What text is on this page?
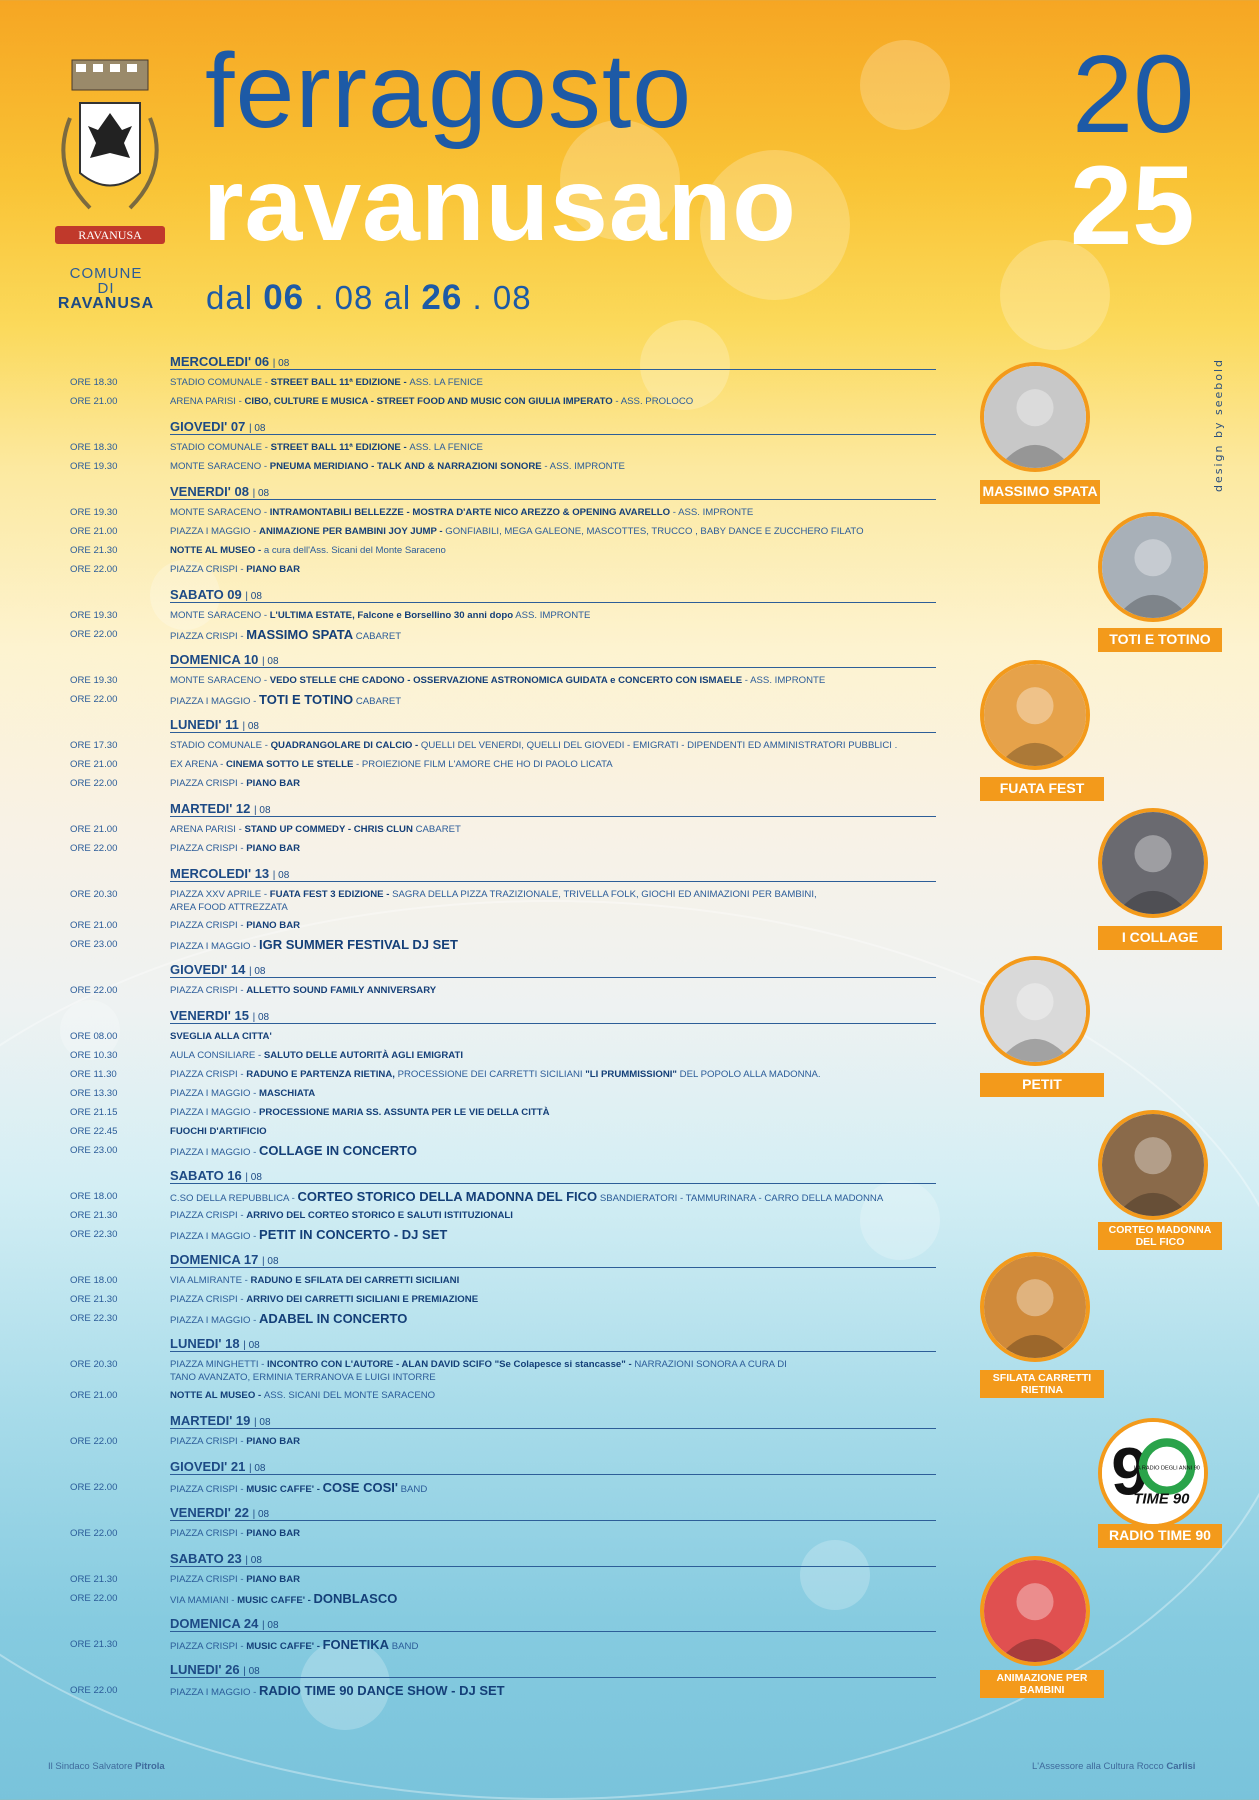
RAVANUSA
COMUNE
DI
RAVANUSA
ferragosto
ravanusano
dal 06 . 08 al 26 . 08
20
25
design by seebold
MERCOLEDI' 06 | 08
ORE 18.30	STADIO COMUNALE - STREET BALL 11ª EDIZIONE - ASS. LA FENICE
ORE 21.00	ARENA PARISI - CIBO, CULTURE E MUSICA - STREET FOOD AND MUSIC CON GIULIA IMPERATO - ASS. PROLOCO
GIOVEDI' 07 | 08
ORE 18.30	STADIO COMUNALE - STREET BALL 11ª EDIZIONE - ASS. LA FENICE
ORE 19.30	MONTE SARACENO - PNEUMA MERIDIANO - TALK AND & NARRAZIONI SONORE - ASS. IMPRONTE
VENERDI' 08 | 08
ORE 19.30	MONTE SARACENO - INTRAMONTABILI BELLEZZE - MOSTRA D'ARTE NICO AREZZO & OPENING AVARELLO - ASS. IMPRONTE
ORE 21.00	PIAZZA I MAGGIO - ANIMAZIONE PER BAMBINI JOY JUMP - GONFIABILI, MEGA GALEONE, MASCOTTES, TRUCCO , BABY DANCE E ZUCCHERO FILATO
ORE 21.30	NOTTE AL MUSEO - a cura dell'Ass. Sicani del Monte Saraceno
ORE 22.00	PIAZZA CRISPI - PIANO BAR
SABATO 09 | 08
ORE 19.30	MONTE SARACENO - L'ULTIMA ESTATE, Falcone e Borsellino 30 anni dopo ASS. IMPRONTE
ORE 22.00	PIAZZA CRISPI - MASSIMO SPATA CABARET
DOMENICA 10 | 08
ORE 19.30	MONTE SARACENO - VEDO STELLE CHE CADONO - OSSERVAZIONE ASTRONOMICA GUIDATA e CONCERTO CON ISMAELE - ASS. IMPRONTE
ORE 22.00	PIAZZA I MAGGIO - TOTI E TOTINO CABARET
LUNEDI' 11 | 08
ORE 17.30	STADIO COMUNALE - QUADRANGOLARE DI CALCIO - QUELLI DEL VENERDI, QUELLI DEL GIOVEDI - EMIGRATI - DIPENDENTI ED AMMINISTRATORI PUBBLICI .
ORE 21.00	EX ARENA - CINEMA SOTTO LE STELLE - PROIEZIONE FILM L'AMORE CHE HO DI PAOLO LICATA
ORE 22.00	PIAZZA CRISPI - PIANO BAR
MARTEDI' 12 | 08
ORE 21.00	ARENA PARISI - STAND UP COMMEDY - CHRIS CLUN CABARET
ORE 22.00	PIAZZA CRISPI - PIANO BAR
MERCOLEDI' 13 | 08
ORE 20.30	PIAZZA XXV APRILE - FUATA FEST 3 EDIZIONE - SAGRA DELLA PIZZA TRAZIZIONALE, TRIVELLA FOLK, GIOCHI ED ANIMAZIONI PER BAMBINI,
AREA FOOD ATTREZZATA
ORE 21.00	PIAZZA CRISPI - PIANO BAR
ORE 23.00	PIAZZA I MAGGIO - IGR SUMMER FESTIVAL DJ SET
GIOVEDI' 14 | 08
ORE 22.00	PIAZZA CRISPI - ALLETTO SOUND FAMILY ANNIVERSARY
VENERDI' 15 | 08
ORE 08.00	SVEGLIA ALLA CITTA'
ORE 10.30	AULA CONSILIARE - SALUTO DELLE AUTORITÀ AGLI EMIGRATI
ORE 11.30	PIAZZA CRISPI - RADUNO E PARTENZA RIETINA, PROCESSIONE DEI CARRETTI SICILIANI "LI PRUMMISSIONI" DEL POPOLO ALLA MADONNA.
ORE 13.30	PIAZZA I MAGGIO - MASCHIATA
ORE 21.15	PIAZZA I MAGGIO - PROCESSIONE MARIA SS. ASSUNTA PER LE VIE DELLA CITTÀ
ORE 22.45	FUOCHI D'ARTIFICIO
ORE 23.00	PIAZZA I MAGGIO - COLLAGE IN CONCERTO
SABATO 16 | 08
ORE 18.00	C.SO DELLA REPUBBLICA - CORTEO STORICO DELLA MADONNA DEL FICO SBANDIERATORI - TAMMURINARA - CARRO DELLA MADONNA
ORE 21.30	PIAZZA CRISPI - ARRIVO DEL CORTEO STORICO E SALUTI ISTITUZIONALI
ORE 22.30	PIAZZA I MAGGIO - PETIT IN CONCERTO - DJ SET
DOMENICA 17 | 08
ORE 18.00	VIA ALMIRANTE - RADUNO E SFILATA DEI CARRETTI SICILIANI
ORE 21.30	PIAZZA CRISPI - ARRIVO DEI CARRETTI SICILIANI E PREMIAZIONE
ORE 22.30	PIAZZA I MAGGIO - ADABEL IN CONCERTO
LUNEDI' 18 | 08
ORE 20.30	PIAZZA MINGHETTI - INCONTRO CON L'AUTORE - ALAN DAVID SCIFO "Se Colapesce si stancasse" - NARRAZIONI SONORA A CURA DI
TANO AVANZATO, ERMINIA TERRANOVA E LUIGI INTORRE
ORE 21.00	NOTTE AL MUSEO - ASS. SICANI DEL MONTE SARACENO
MARTEDI' 19 | 08
ORE 22.00	PIAZZA CRISPI - PIANO BAR
GIOVEDI' 21 | 08
ORE 22.00	PIAZZA CRISPI - MUSIC CAFFE' - COSE COSI' BAND
VENERDI' 22 | 08
ORE 22.00	PIAZZA CRISPI - PIANO BAR
SABATO 23 | 08
ORE 21.30	PIAZZA CRISPI - PIANO BAR
ORE 22.00	VIA MAMIANI - MUSIC CAFFE' - DONBLASCO
DOMENICA 24 | 08
ORE 21.30	PIAZZA CRISPI - MUSIC CAFFE' - FONETIKA BAND
LUNEDI' 26 | 08
ORE 22.00	PIAZZA I MAGGIO - RADIO TIME 90 DANCE SHOW - DJ SET
MASSIMO SPATA
TOTI E TOTINO
FUATA FEST
I COLLAGE
PETIT
CORTEO MADONNA DEL FICO
SFILATA CARRETTI RIETINA
9
LA RADIO DEGLI ANNI 90
TIME 90
RADIO TIME 90
ANIMAZIONE PER BAMBINI
Il Sindaco Salvatore Pitrola	L'Assessore alla Cultura Rocco Carlisi
